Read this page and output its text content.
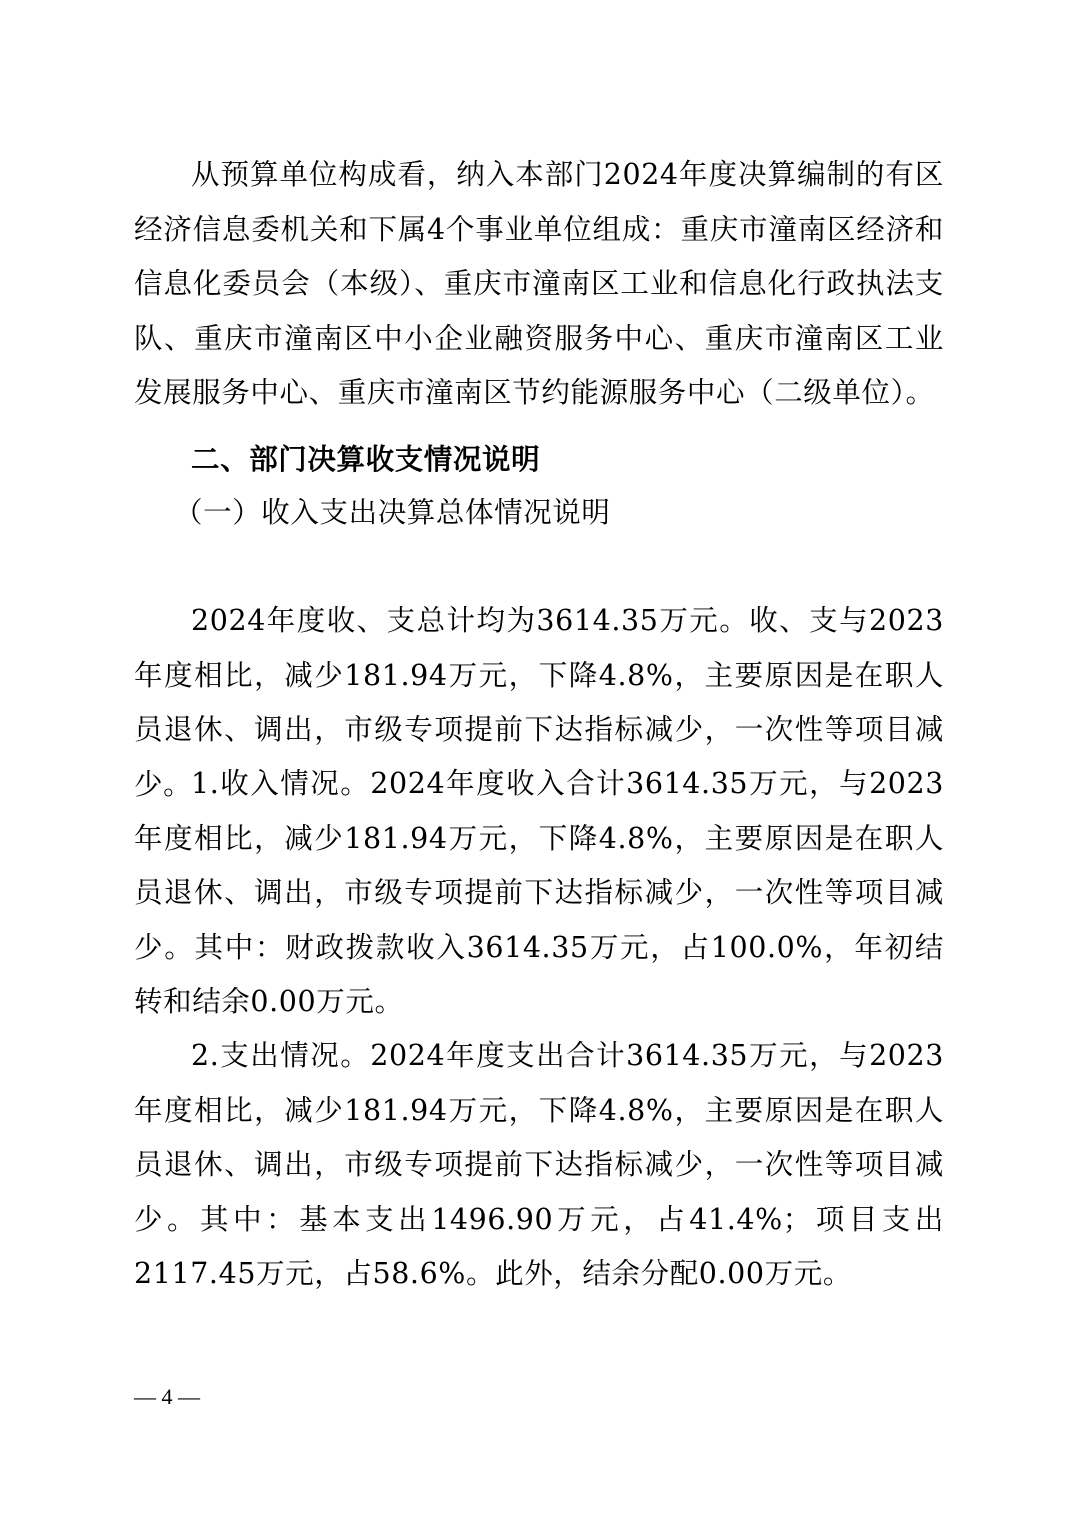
从预算单位构成看，纳入本部门2024年度决算编制的有区经济信息委机关和下属4个事业单位组成：重庆市潼南区经济和信息化委员会（本级）、重庆市潼南区工业和信息化行政执法支队、重庆市潼南区中小企业融资服务中心、重庆市潼南区工业发展服务中心、重庆市潼南区节约能源服务中心（二级单位）。

二、部门决算收支情况说明

（一）收入支出决算总体情况说明

2024年度收、支总计均为3614.35万元。收、支与2023年度相比，减少181.94万元，下降4.8%，主要原因是在职人员退休、调出，市级专项提前下达指标减少，一次性等项目减少。

1.收入情况。2024年度收入合计3614.35万元，与2023年度相比，减少181.94万元，下降4.8%，主要原因是在职人员退休、调出，市级专项提前下达指标减少，一次性等项目减少。其中：财政拨款收入3614.35万元，占100.0%，年初结转和结余0.00万元。

2.支出情况。2024年度支出合计3614.35万元，与2023年度相比，减少181.94万元，下降4.8%，主要原因是在职人员退休、调出，市级专项提前下达指标减少，一次性等项目减少。其中：基本支出1496.90万元，占41.4%；项目支出2117.45万元，占58.6%。此外，结余分配0.00万元。

— 4 —
